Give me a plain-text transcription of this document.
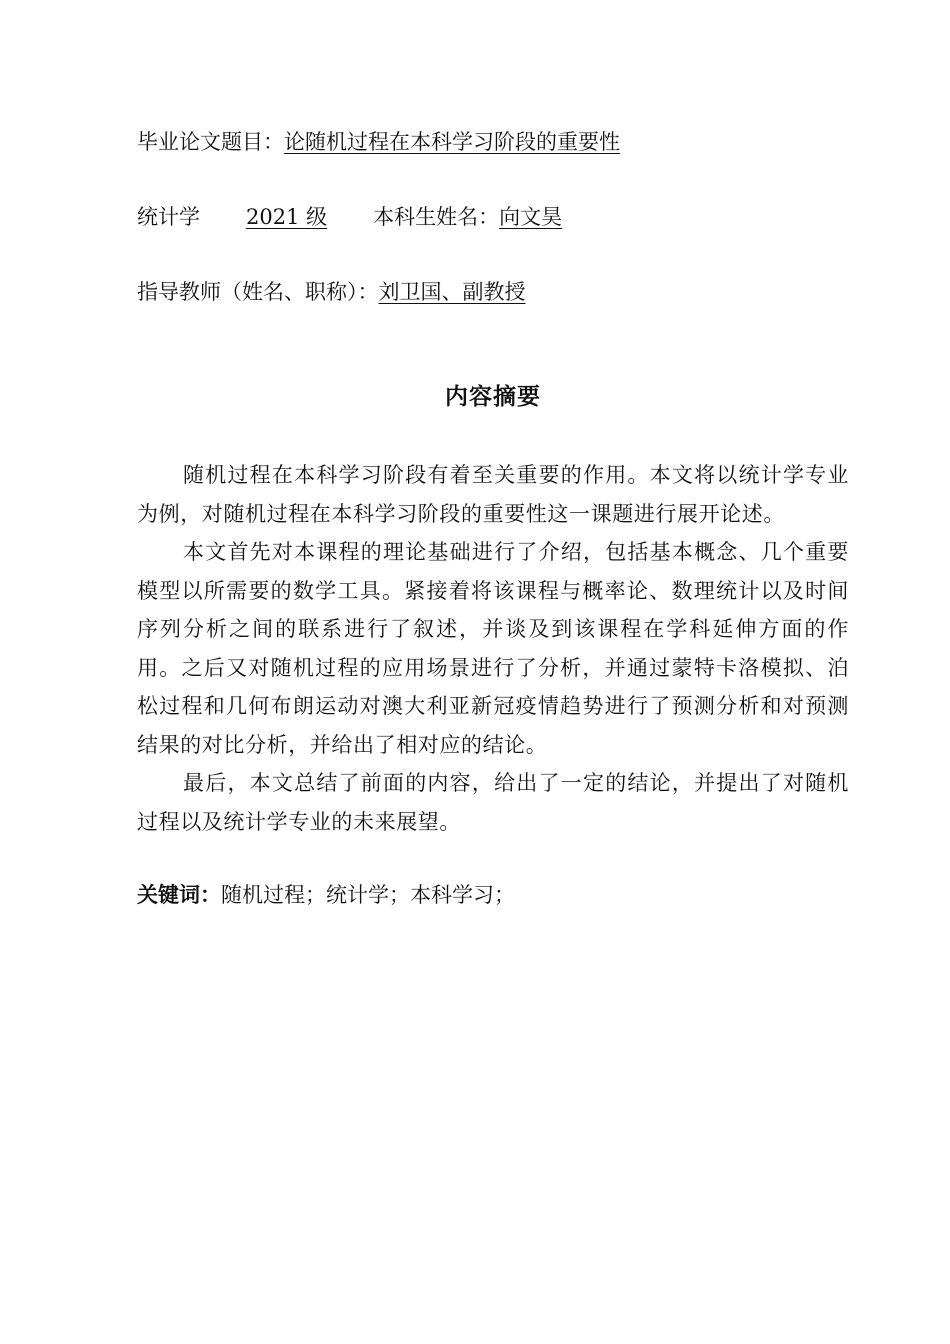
毕业论文题目：论随机过程在本科学习阶段的重要性
统计学 2021 级 本科生姓名：向文昊
指导教师（姓名、职称）：刘卫国、副教授
内容摘要

随机过程在本科学习阶段有着至关重要的作用。本文将以统计学专业为例，对随机过程在本科学习阶段的重要性这一课题进行展开论述。

本文首先对本课程的理论基础进行了介绍，包括基本概念、几个重要模型以所需要的数学工具。紧接着将该课程与概率论、数理统计以及时间序列分析之间的联系进行了叙述，并谈及到该课程在学科延伸方面的作用。之后又对随机过程的应用场景进行了分析，并通过蒙特卡洛模拟、泊松过程和几何布朗运动对澳大利亚新冠疫情趋势进行了预测分析和对预测结果的对比分析，并给出了相对应的结论。

最后，本文总结了前面的内容，给出了一定的结论，并提出了对随机过程以及统计学专业的未来展望。

关键词：随机过程；统计学；本科学习；
